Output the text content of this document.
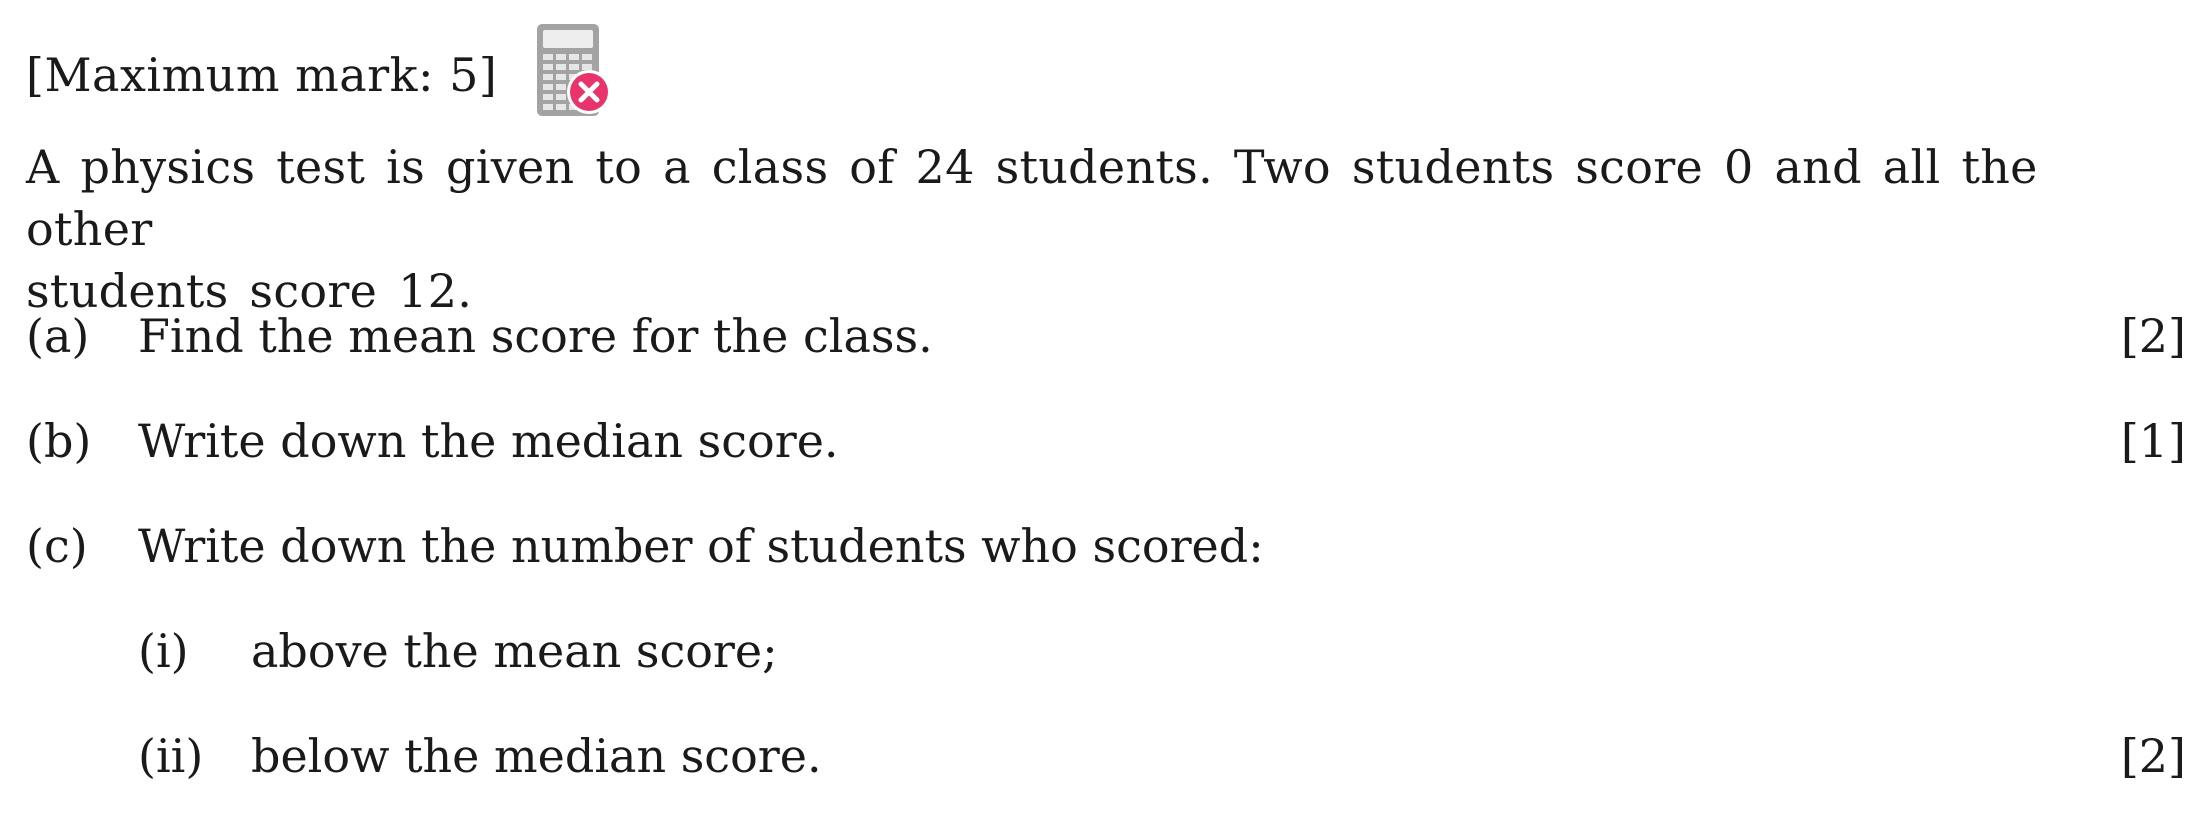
[Maximum mark: 5]
A physics test is given to a class of 24 students. Two students score 0 and all the other
students score 12.
(a) Find the mean score for the class.	[2]
(b) Write down the median score.	[1]
(c) Write down the number of students who scored:
(i) above the mean score;
(ii) below the median score.	[2]
